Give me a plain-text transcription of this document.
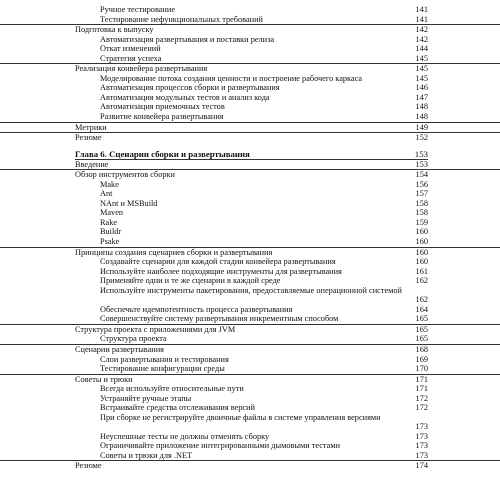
Ручное тестирование	141
Тестирование нефункциональных требований	141
Подготовка к выпуску	142
Автоматизация развертывания и поставки релиза	142
Откат изменений	144
Стратегия успеха	145
Реализация конвейера развертывания	145
Моделирование потока создания ценности и построение рабочего каркаса	145
Автоматизация процессов сборки и развертывания	146
Автоматизация модульных тестов и анализ кода	147
Автоматизация приемочных тестов	148
Развитие конвейера развертывания	148
Метрики	149
Резюме	152
Глава 6. Сценарии сборки и развертывания	153
Введение	153
Обзор инструментов сборки	154
Make	156
Ant	157
NAnt и MSBuild	158
Maven	158
Rake	159
Buildr	160
Psake	160
Принципы создания сценариев сборки и развертывания	160
Создавайте сценарии для каждой стадии конвейера развертывания	160
Используйте наиболее подходящие инструменты для развертывания	161
Применяйте одни и те же сценарии в каждой среде	162
Используйте инструменты пакетирования, предоставляемые операционной системой
162
Обеспечьте идемпотентность процесса развертывания	164
Совершенствуйте систему развертывания инкрементным способом	165
Структура проекта с приложениями для JVM	165
Структура проекта	165
Сценарии развертывания	168
Слои развертывания и тестирования	169
Тестирование конфигурации среды	170
Советы и трюки	171
Всегда используйте относительные пути	171
Устраняйте ручные этапы	172
Встраивайте средства отслеживания версий	172
При сборке не регистрируйте двоичные файлы в системе управления версиями
173
Неуспешные тесты не должны отменять сборку	173
Ограничивайте приложение интегрированными дымовыми тестами	173
Советы и трюки для .NET	173
Резюме	174
